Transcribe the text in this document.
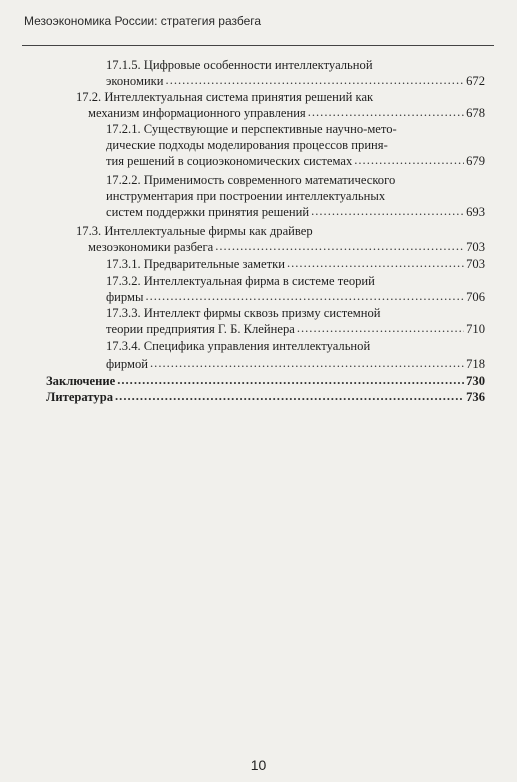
Мезоэкономика России: стратегия разбега
17.1.5. Цифровые особенности интеллектуальной
экономики .....	672
17.2. Интеллектуальная система принятия решений как
механизм информационного управления .....	678
17.2.1. Существующие и перспективные научно-мето-
дические подходы моделирования процессов приня-
тия решений в социоэкономических системах .....	679
17.2.2. Применимость современного математического
инструментария при построении интеллектуальных
систем поддержки принятия решений .....	693
17.3. Интеллектуальные фирмы как драйвер
мезоэкономики разбега .....	703
17.3.1. Предварительные заметки .....	703
17.3.2. Интеллектуальная фирма в системе теорий
фирмы .....	706
17.3.3. Интеллект фирмы сквозь призму системной
теории предприятия Г. Б. Клейнера .....	710
17.3.4. Специфика управления интеллектуальной
фирмой .....	718
Заключение .....	730
Литература .....	736
10
